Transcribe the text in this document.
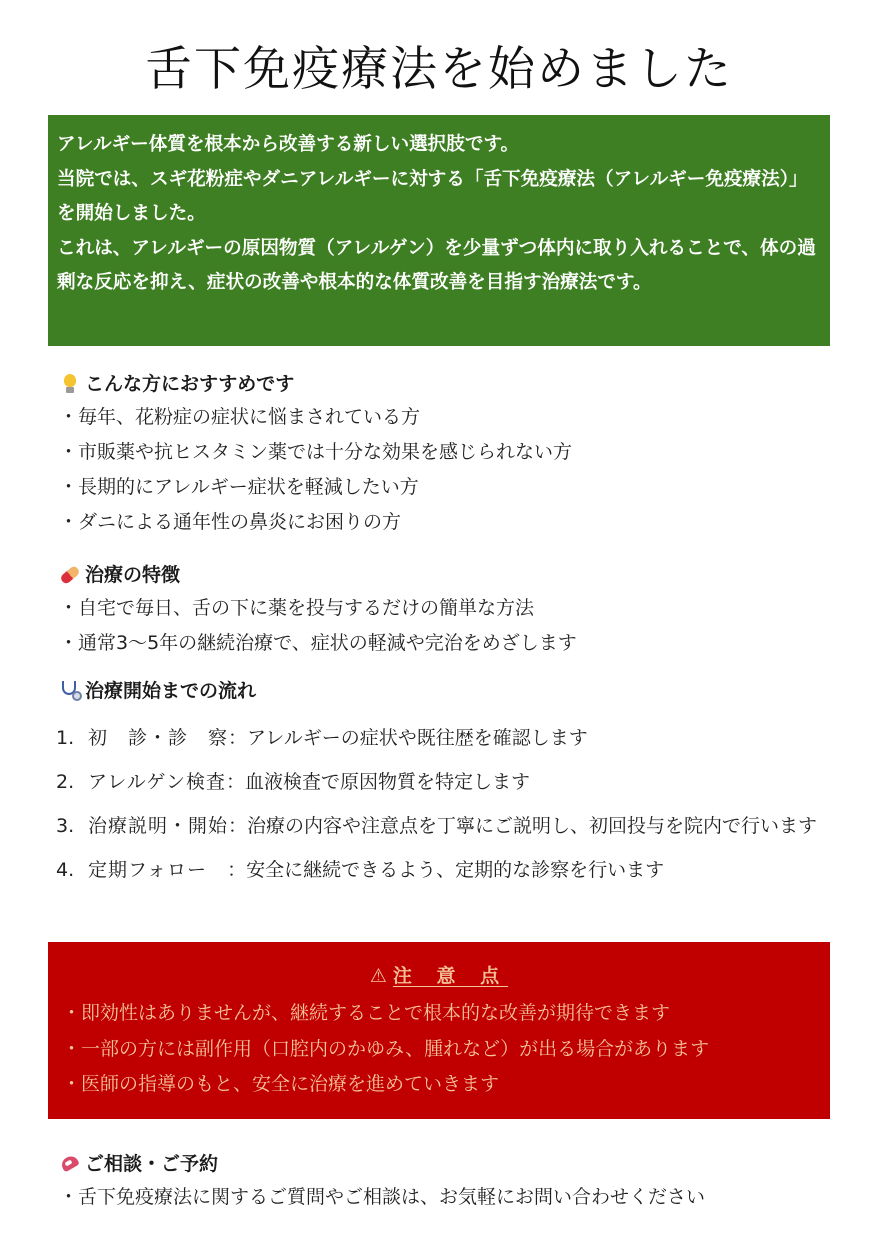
舌下免疫療法を始めました

アレルギー体質を根本から改善する新しい選択肢です。

当院では、スギ花粉症やダニアレルギーに対する「舌下免疫療法（アレルギー免疫療法）」を開始しました。

これは、アレルギーの原因物質（アレルゲン）を少量ずつ体内に取り入れることで、体の過剰な反応を抑え、症状の改善や根本的な体質改善を目指す治療法です。

こんな方におすすめです
・毎年、花粉症の症状に悩まされている方
・市販薬や抗ヒスタミン薬では十分な効果を感じられない方
・長期的にアレルギー症状を軽減したい方
・ダニによる通年性の鼻炎にお困りの方
治療の特徴
・自宅で毎日、舌の下に薬を投与するだけの簡単な方法
・通常3〜5年の継続治療で、症状の軽減や完治をめざします
治療開始までの流れ
1. 初　診・診　察：アレルギーの症状や既往歴を確認します
2. アレルゲン検査：血液検査で原因物質を特定します
3. 治療説明・開始：治療の内容や注意点を丁寧にご説明し、初回投与を院内で行います
4. 定期フォロー　：安全に継続できるよう、定期的な診察を行います
⚠ 注 意 点
・即効性はありませんが、継続することで根本的な改善が期待できます
・一部の方には副作用（口腔内のかゆみ、腫れなど）が出る場合があります
・医師の指導のもと、安全に治療を進めていきます
ご相談・ご予約
・舌下免疫療法に関するご質問やご相談は、お気軽にお問い合わせください
